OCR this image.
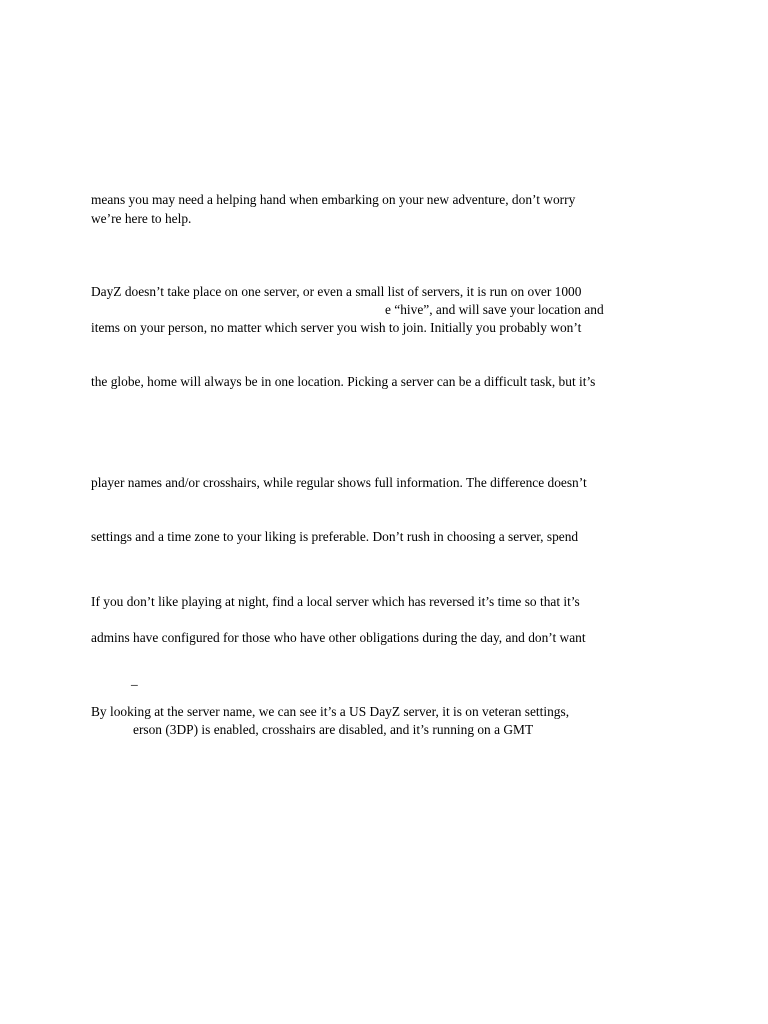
means you may need a helping hand when embarking on your new adventure, don’t worry
we’re here to help.
DayZ doesn’t take place on one server, or even a small list of servers, it is run on over 1000
e “hive”, and will save your location and
items on your person, no matter which server you wish to join. Initially you probably won’t
the globe, home will always be in one location. Picking a server can be a difficult task, but it’s
player names and/or crosshairs, while regular shows full information. The difference doesn’t
settings and a time zone to your liking is preferable. Don’t rush in choosing a server, spend
If you don’t like playing at night, find a local server which has reversed it’s time so that it’s
admins have configured for those who have other obligations during the day, and don’t want
_
By looking at the server name, we can see it’s a US DayZ server, it is on veteran settings,
erson (3DP) is enabled, crosshairs are disabled, and it’s running on a GMT
